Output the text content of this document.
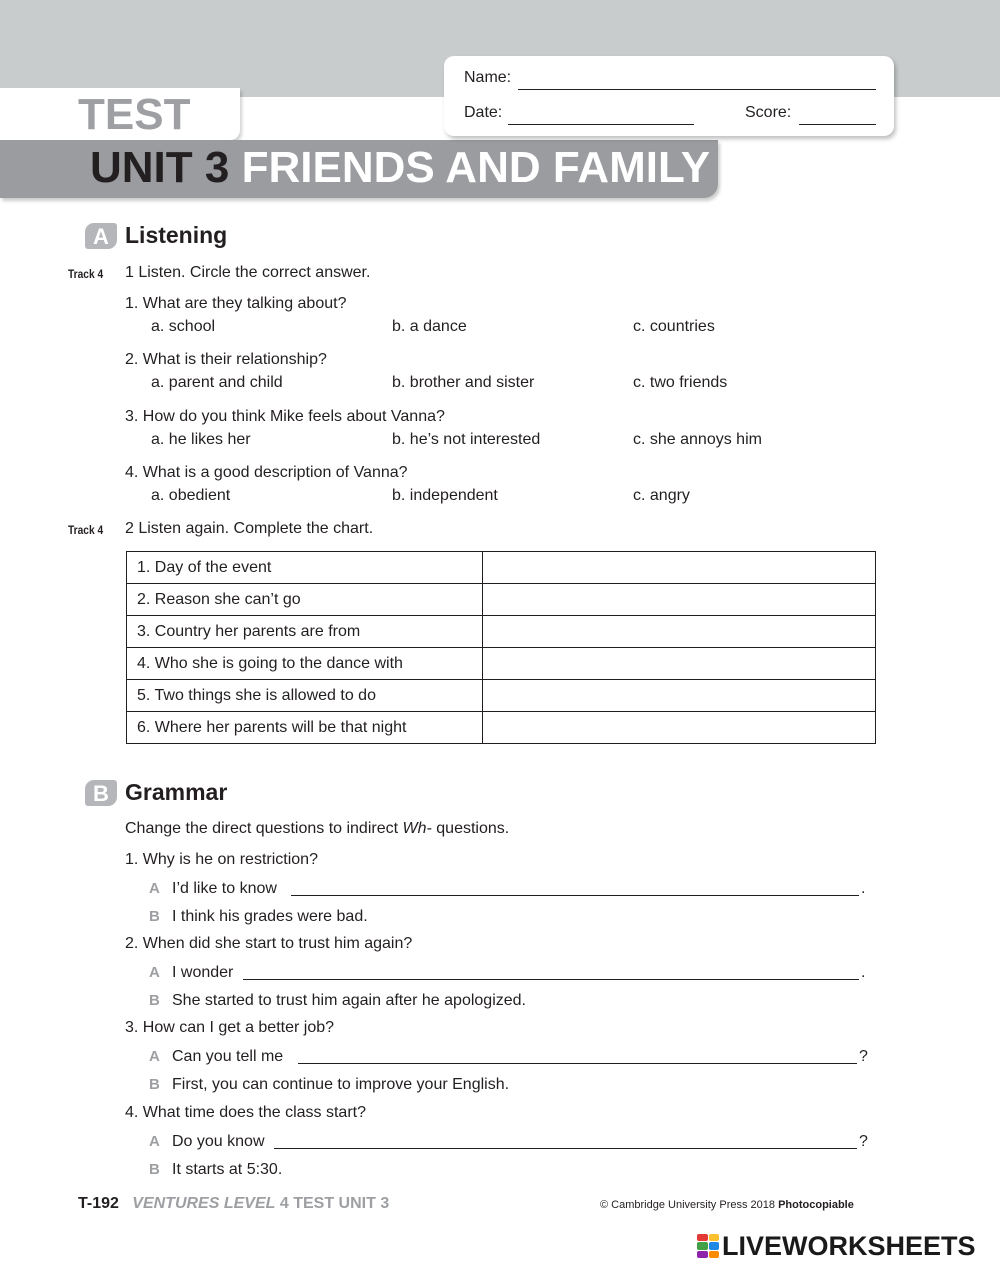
TEST
UNIT 3 FRIENDS AND FAMILY
Name:
Date:	Score:
A Listening
Track 4 1 Listen. Circle the correct answer.
1. What are they talking about?
a. school	b. a dance	c. countries
2. What is their relationship?
a. parent and child	b. brother and sister	c. two friends
3. How do you think Mike feels about Vanna?
a. he likes her	b. he’s not interested	c. she annoys him
4. What is a good description of Vanna?
a. obedient	b. independent	c. angry
Track 4 2 Listen again. Complete the chart.
1. Day of the event	
2. Reason she can’t go	
3. Country her parents are from	
4. Who she is going to the dance with	
5. Two things she is allowed to do	
6. Where her parents will be that night	
B Grammar
Change the direct questions to indirect Wh- questions.
1. Why is he on restriction?
A I’d like to know	.
B I think his grades were bad.
2. When did she start to trust him again?
A I wonder	.
B She started to trust him again after he apologized.
3. How can I get a better job?
A Can you tell me	?
B First, you can continue to improve your English.
4. What time does the class start?
A Do you know	?
B It starts at 5:30.
T-192 VENTURES LEVEL 4 TEST UNIT 3	© Cambridge University Press 2018 Photocopiable
LIVEWORKSHEETS
